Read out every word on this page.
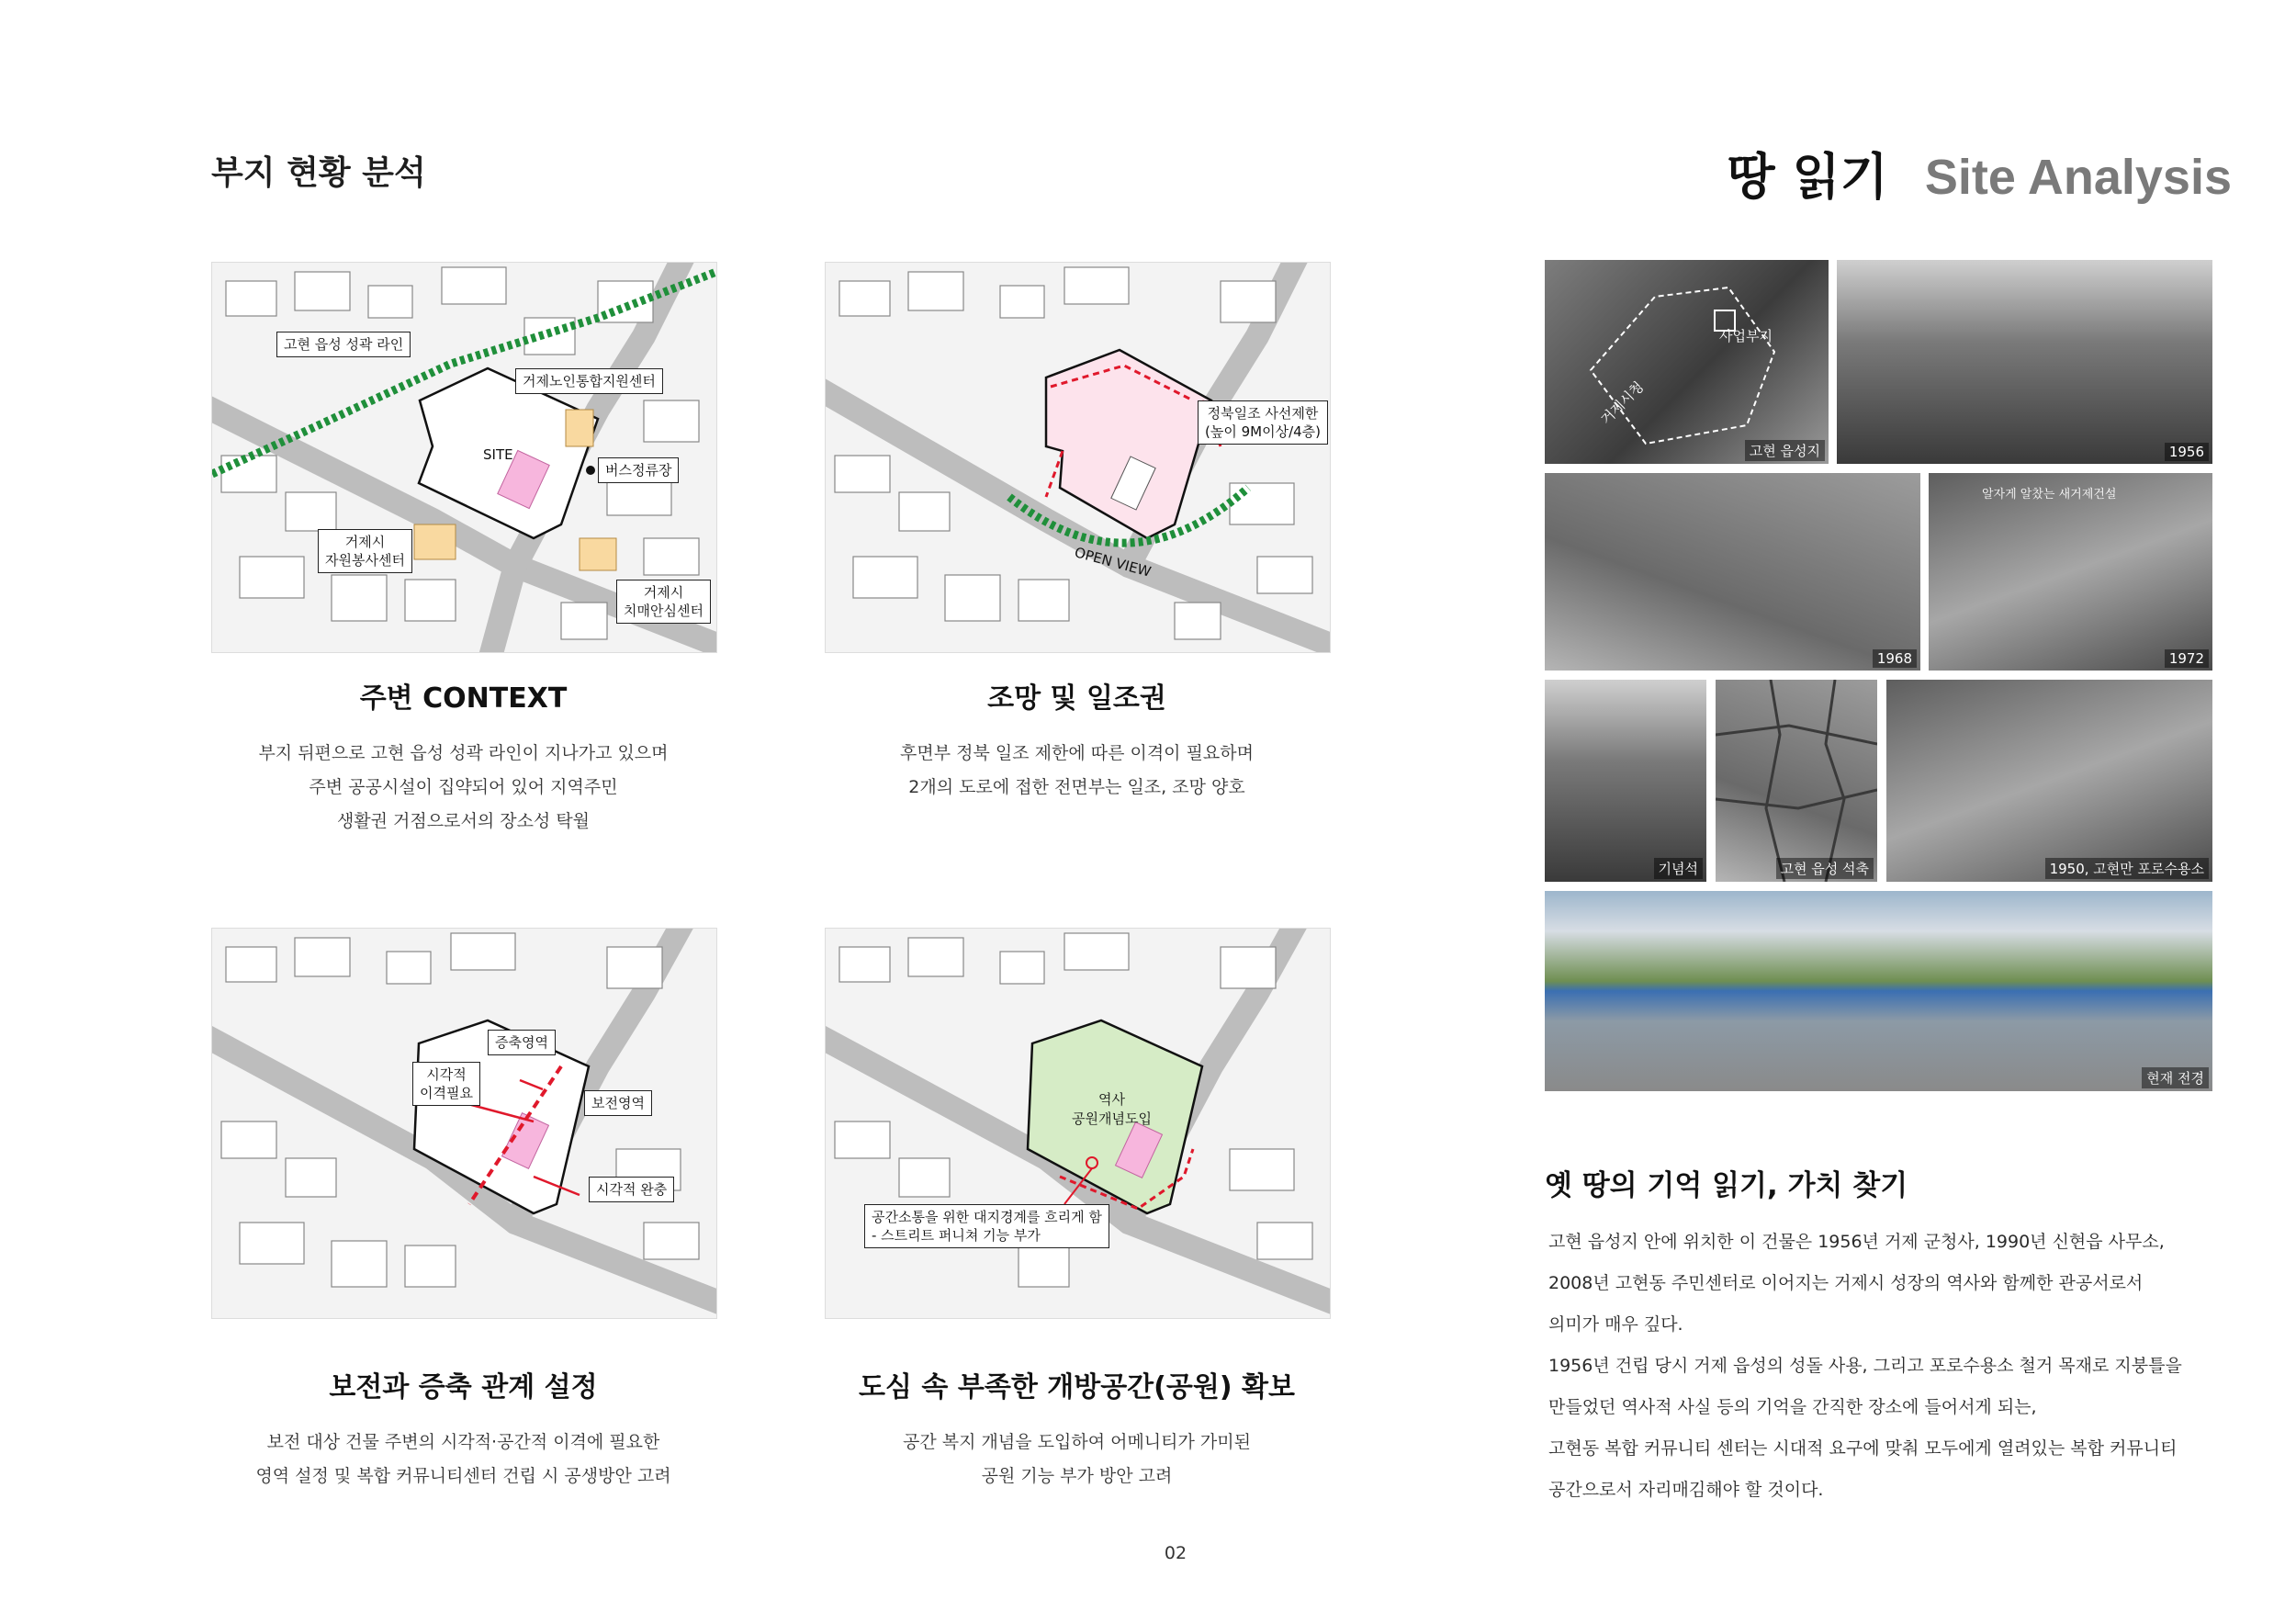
부지 현황 분석	땅 읽기 Site Analysis
고현 읍성 성곽 라인
거제노인통합지원센터
SITE
버스정류장
거제시
자원봉사센터
거제시
치매안심센터
주변 CONTEXT
부지 뒤편으로 고현 읍성 성곽 라인이 지나가고 있으며
주변 공공시설이 집약되어 있어 지역주민
생활권 거점으로서의 장소성 탁월
정북일조 사선제한
(높이 9M이상/4층)
OPEN VIEW
조망 및 일조권
후면부 정북 일조 제한에 따른 이격이 필요하며
2개의 도로에 접한 전면부는 일조, 조망 양호
증축영역
시각적
이격필요
보전영역
시각적 완충
보전과 증축 관계 설정
보전 대상 건물 주변의 시각적·공간적 이격에 필요한
영역 설정 및 복합 커뮤니티센터 건립 시 공생방안 고려
역사
공원개념도입
공간소통을 위한 대지경계를 흐리게 함
- 스트리트 퍼니쳐 기능 부가
도심 속 부족한 개방공간(공원) 확보
공간 복지 개념을 도입하여 어메니티가 가미된
공원 기능 부가 방안 고려
사업부지
거제시청
고현 읍성지	1956
1968
알자게 알찼는 새거제건설
1972
기념석	고현 읍성 석축	1950, 고현만 포로수용소
현재 전경
옛 땅의 기억 읽기, 가치 찾기
고현 읍성지 안에 위치한 이 건물은 1956년 거제 군청사, 1990년 신현읍 사무소,
2008년 고현동 주민센터로 이어지는 거제시 성장의 역사와 함께한 관공서로서
의미가 매우 깊다.
1956년 건립 당시 거제 읍성의 성돌 사용, 그리고 포로수용소 철거 목재로 지붕틀을
만들었던 역사적 사실 등의 기억을 간직한 장소에 들어서게 되는,
고현동 복합 커뮤니티 센터는 시대적 요구에 맞춰 모두에게 열려있는 복합 커뮤니티
공간으로서 자리매김해야 할 것이다.
02
